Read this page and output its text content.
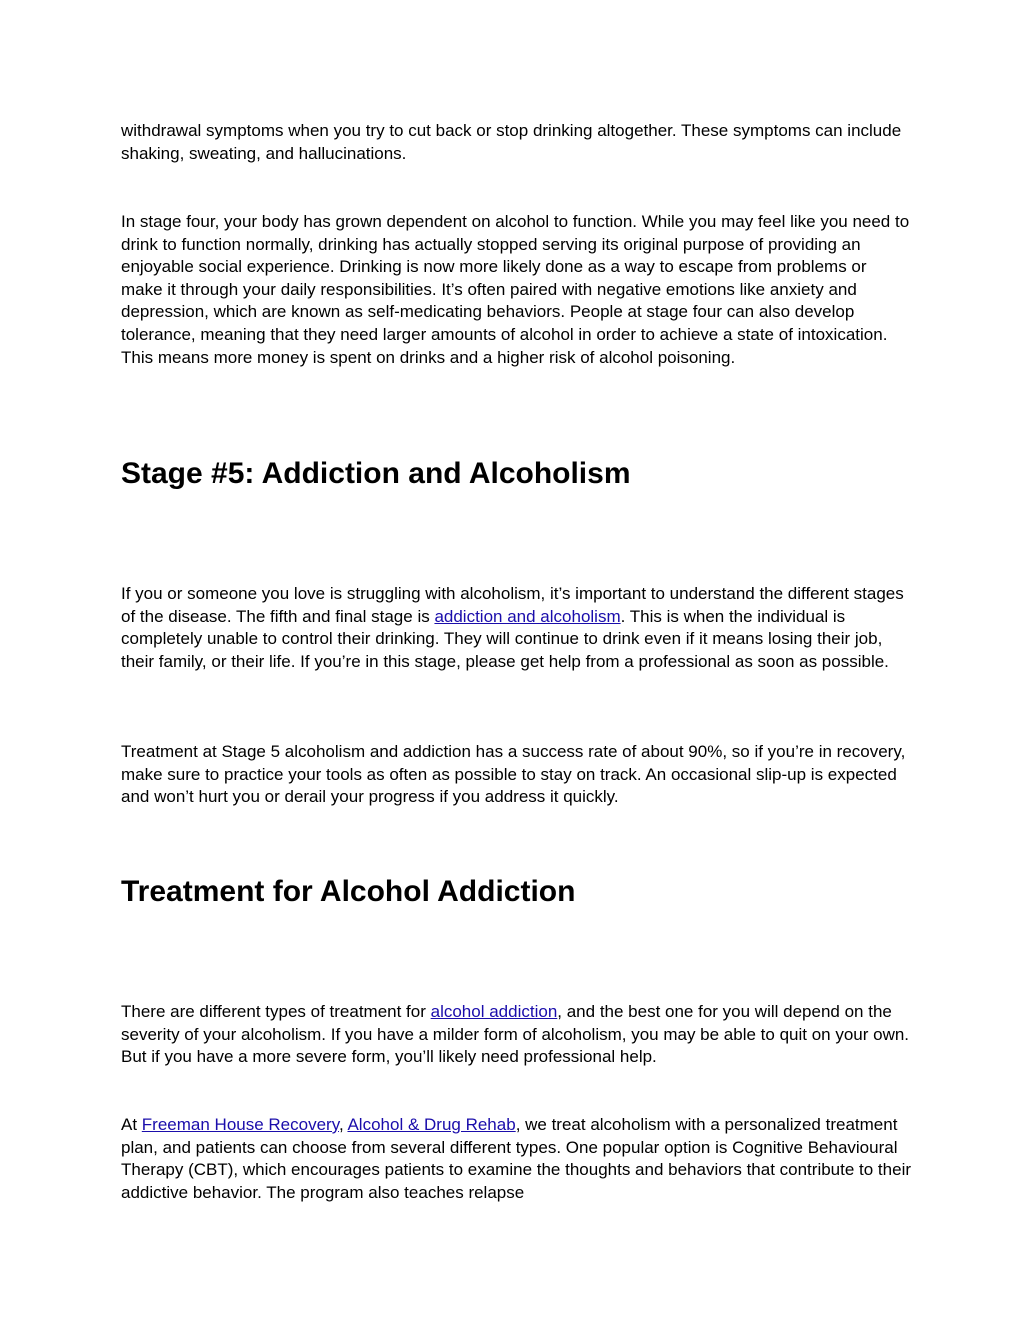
withdrawal symptoms when you try to cut back or stop drinking altogether. These symptoms can include shaking, sweating, and hallucinations.

In stage four, your body has grown dependent on alcohol to function. While you may feel like you need to drink to function normally, drinking has actually stopped serving its original purpose of providing an enjoyable social experience. Drinking is now more likely done as a way to escape from problems or make it through your daily responsibilities. It’s often paired with negative emotions like anxiety and depression, which are known as self-medicating behaviors. People at stage four can also develop tolerance, meaning that they need larger amounts of alcohol in order to achieve a state of intoxication. This means more money is spent on drinks and a higher risk of alcohol poisoning.

Stage #5: Addiction and Alcoholism

If you or someone you love is struggling with alcoholism, it’s important to understand the different stages of the disease. The fifth and final stage is addiction and alcoholism. This is when the individual is completely unable to control their drinking. They will continue to drink even if it means losing their job, their family, or their life. If you’re in this stage, please get help from a professional as soon as possible.

Treatment at Stage 5 alcoholism and addiction has a success rate of about 90%, so if you’re in recovery, make sure to practice your tools as often as possible to stay on track. An occasional slip-up is expected and won’t hurt you or derail your progress if you address it quickly.

Treatment for Alcohol Addiction

There are different types of treatment for alcohol addiction, and the best one for you will depend on the severity of your alcoholism. If you have a milder form of alcoholism, you may be able to quit on your own. But if you have a more severe form, you’ll likely need professional help.

At Freeman House Recovery, Alcohol & Drug Rehab, we treat alcoholism with a personalized treatment plan, and patients can choose from several different types. One popular option is Cognitive Behavioural Therapy (CBT), which encourages patients to examine the thoughts and behaviors that contribute to their addictive behavior. The program also teaches relapse
